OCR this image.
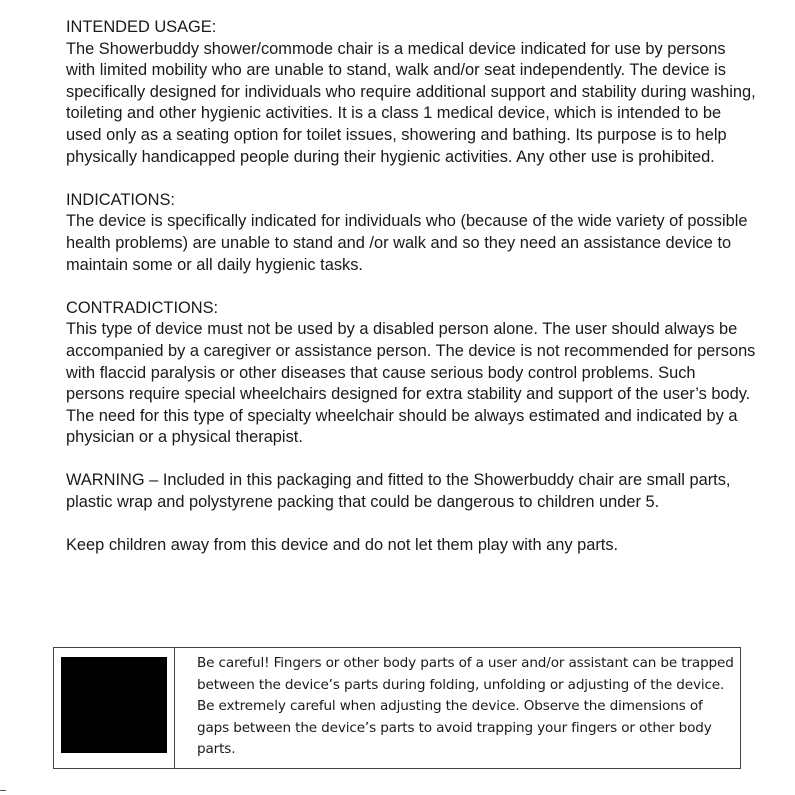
INTENDED USAGE:

The Showerbuddy shower/commode chair is a medical device indicated for use by persons with limited mobility who are unable to stand, walk and/or seat independently. The device is specifically designed for individuals who require additional support and stability during washing, toileting and other hygienic activities. It is a class 1 medical device, which is intended to be used only as a seating option for toilet issues, showering and bathing. Its purpose is to help physically handicapped people during their hygienic activities. Any other use is prohibited.

INDICATIONS:

The device is specifically indicated for individuals who (because of the wide variety of possible health problems) are unable to stand and /or walk and so they need an assistance device to maintain some or all daily hygienic tasks.

CONTRADICTIONS:

This type of device must not be used by a disabled person alone. The user should always be accompanied by a caregiver or assistance person. The device is not recommended for persons with flaccid paralysis or other diseases that cause serious body control problems. Such persons require special wheelchairs designed for extra stability and support of the user’s body. The need for this type of specialty wheelchair should be always estimated and indicated by a physician or a physical therapist.

WARNING – Included in this packaging and fitted to the Showerbuddy chair are small parts, plastic wrap and polystyrene packing that could be dangerous to children under 5.

Keep children away from this device and do not let them play with any parts.

Be careful! Fingers or other body parts of a user and/or assistant can be trapped between the device’s parts during folding, unfolding or adjusting of the device. Be extremely careful when adjusting the device. Observe the dimensions of gaps between the device’s parts to avoid trapping your fingers or other body parts.
